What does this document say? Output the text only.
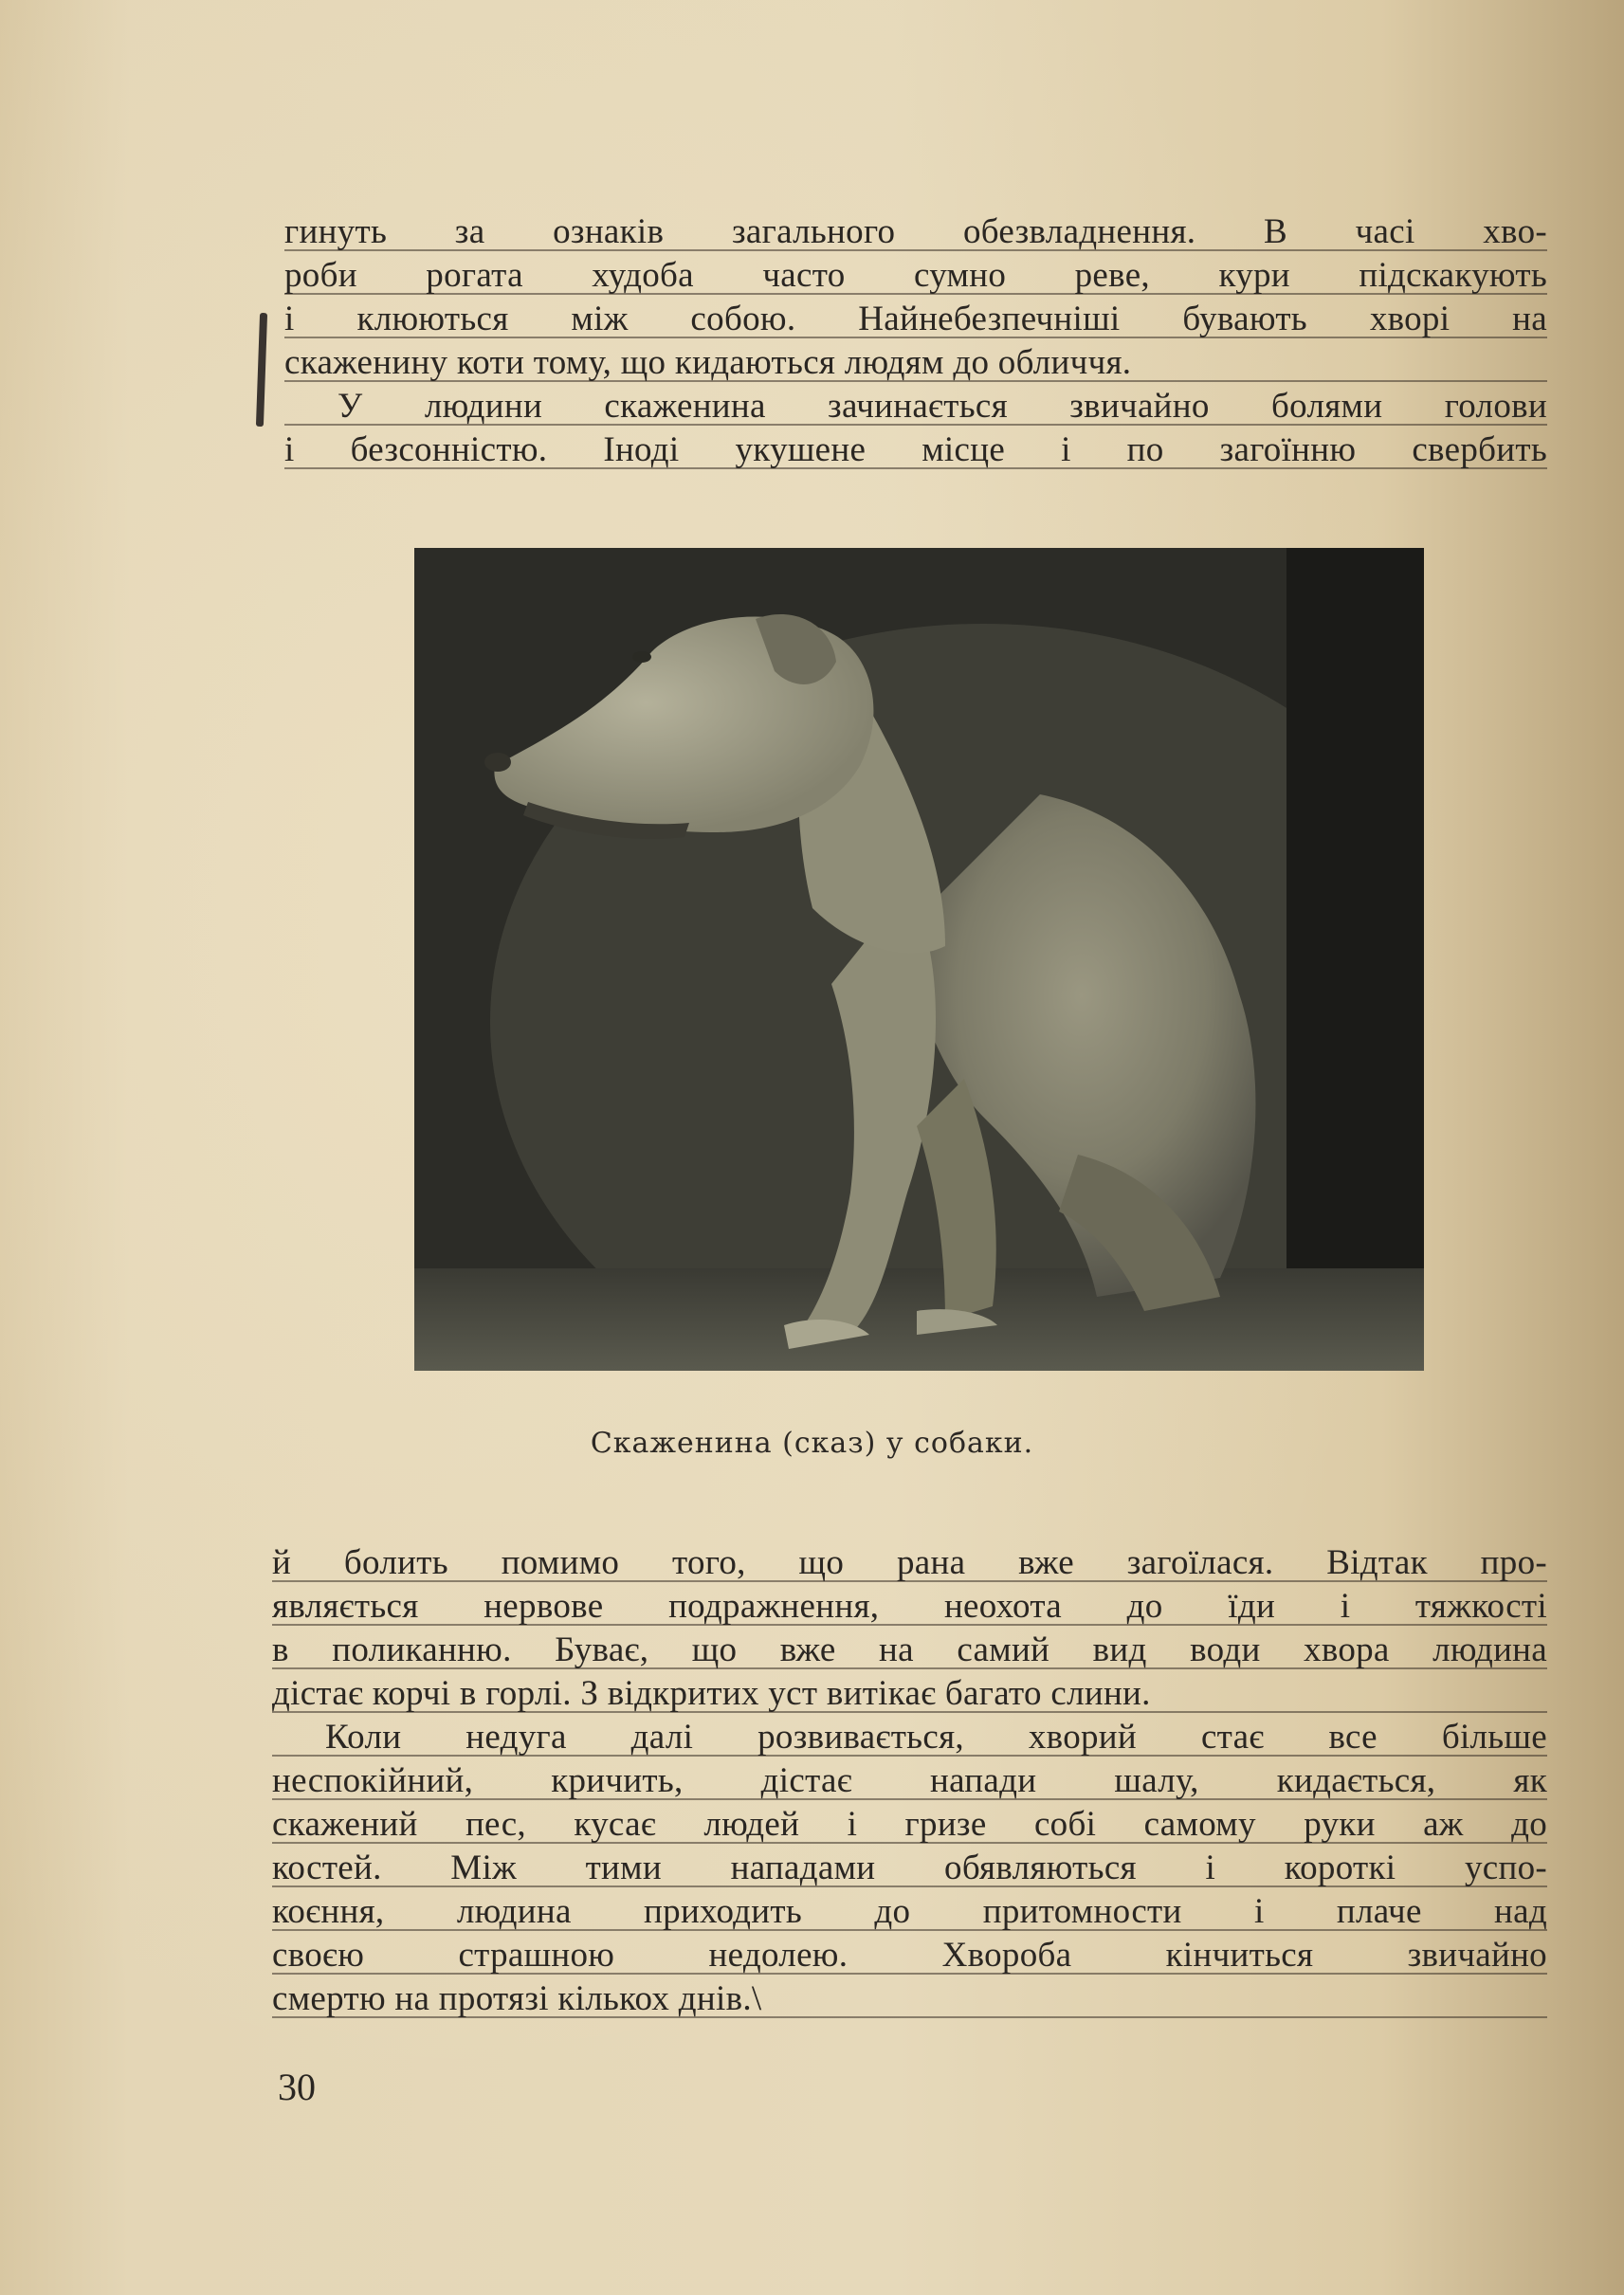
гинуть за ознаків загального обезвладнення. В часі хво-

роби рогата худоба часто сумно реве, кури підскакують

і клюються між собою. Найнебезпечніші бувають хворі на

скаженину коти тому, що кидаються людям до обличчя.

У людини скаженина зачинається звичайно болями голови

і безсонністю. Іноді укушене місце і по загоїнню свербить

Скаженина (сказ) у собаки.

й болить помимо того, що рана вже загоїлася. Відтак про-

являється нервове подражнення, неохота до їди і тяжкості

в поликанню. Буває, що вже на самий вид води хвора людина

дістає корчі в горлі. З відкритих уст витікає багато слини.

Коли недуга далі розвивається, хворий стає все більше

неспокійний, кричить, дістає напади шалу, кидається, як

скажений пес, кусає людей і гризе собі самому руки аж до

костей. Між тими нападами обявляються і короткі успо-

коєння, людина приходить до притомности і плаче над

своєю страшною недолею. Хвороба кінчиться звичайно

смертю на протязі кількох днів.\

30
